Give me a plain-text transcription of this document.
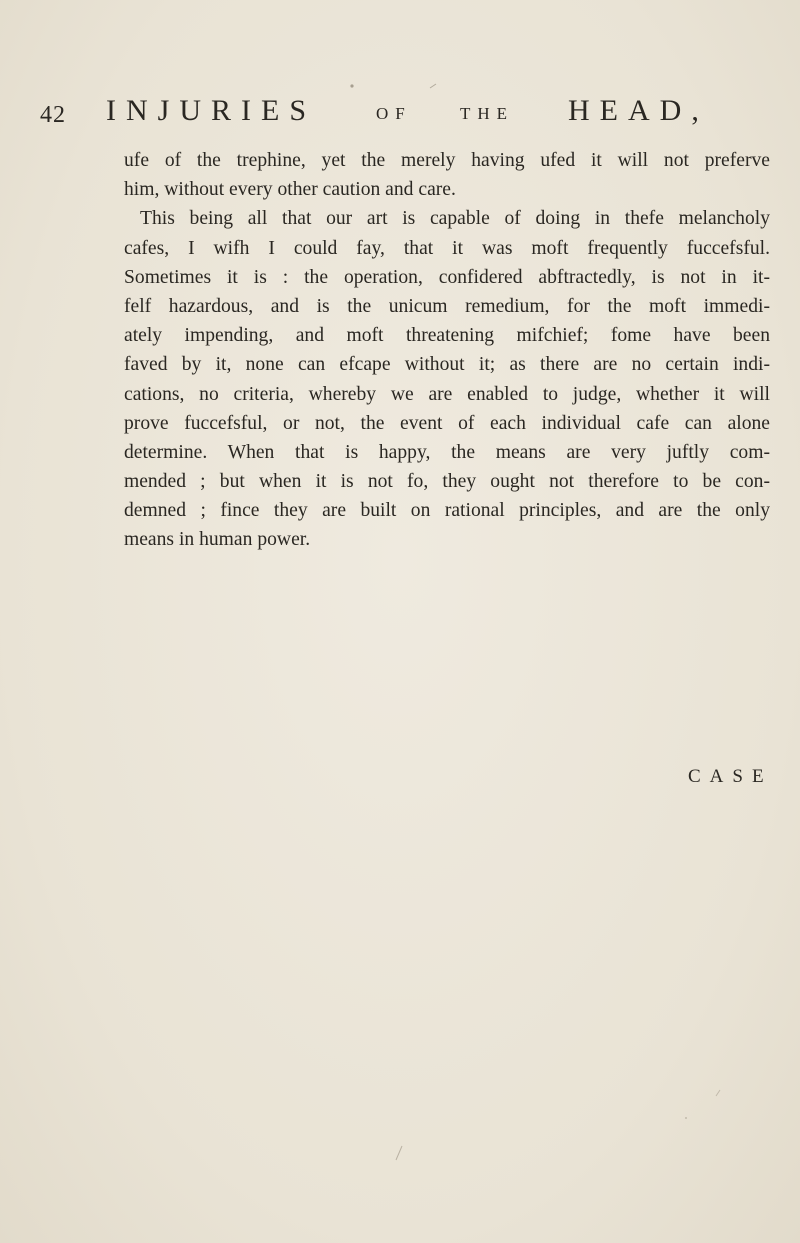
42 INJURIES	OF	THE HEAD,
ufe of the trephine, yet the merely having ufed it will not preferve
him, without every other caution and care.
This being all that our art is capable of doing in thefe melancholy
cafes, I wifh I could fay, that it was moft frequently fuccefsful.
Sometimes it is : the operation, confidered abftractedly, is not in it-
felf hazardous, and is the unicum remedium, for the moft immedi-
ately impending, and moft threatening mifchief; fome have been
faved by it, none can efcape without it; as there are no certain indi-
cations, no criteria, whereby we are enabled to judge, whether it will
prove fuccefsful, or not, the event of each individual cafe can alone
determine. When that is happy, the means are very juftly com-
mended ; but when it is not fo, they ought not therefore to be con-
demned ; fince they are built on rational principles, and are the only
means in human power.
CASE
